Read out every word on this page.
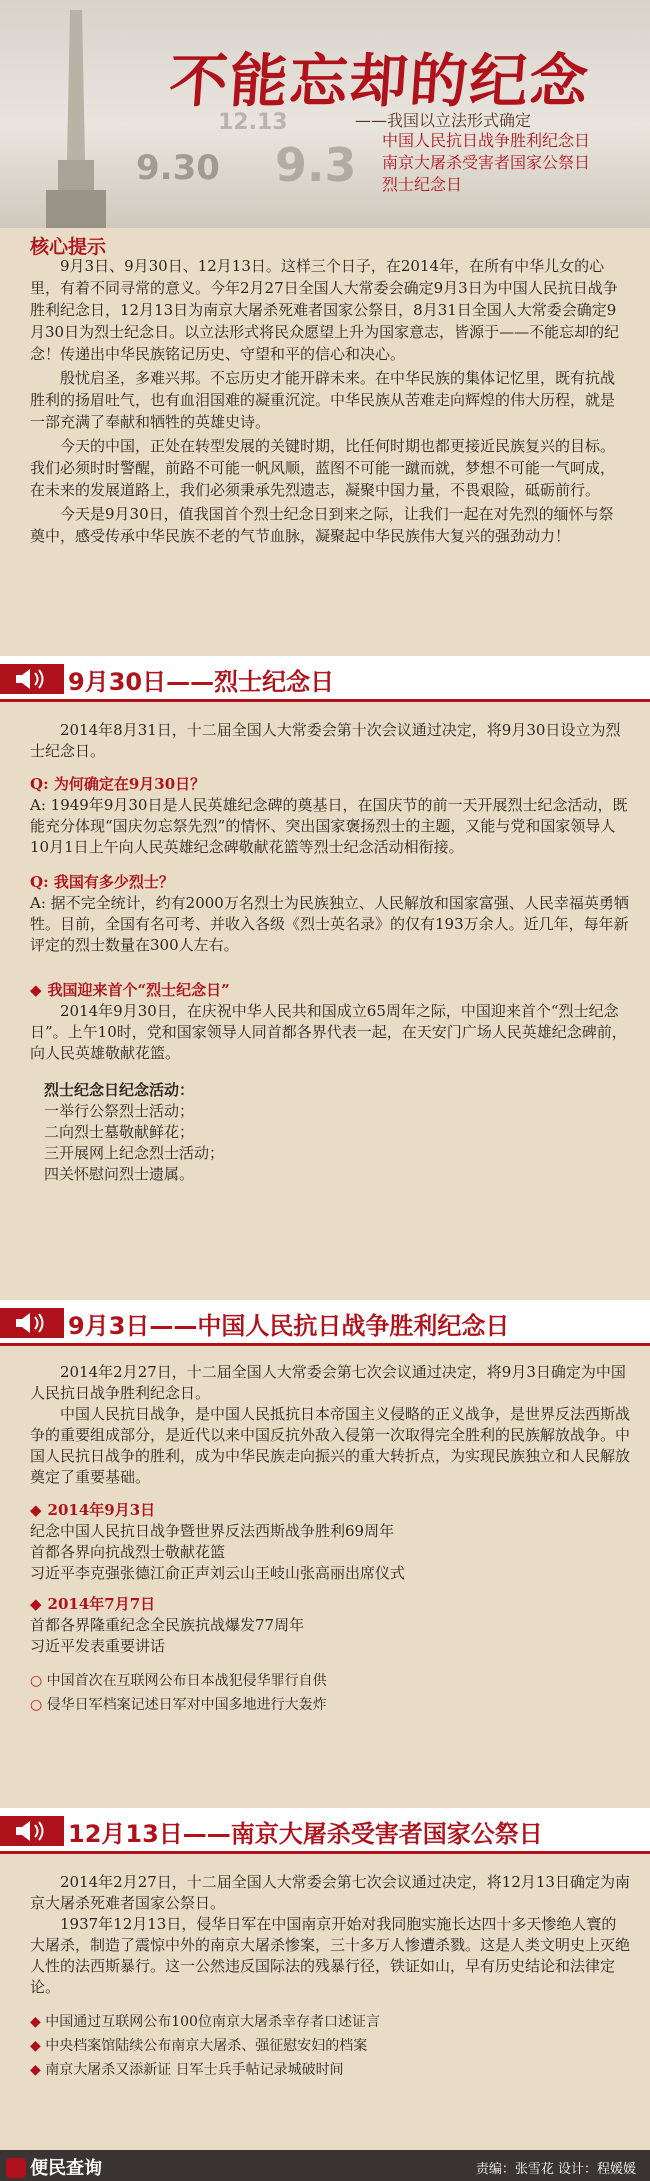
12.13
9.30 9.3
不能忘却的纪念
——我国以立法形式确定
中国人民抗日战争胜利纪念日
南京大屠杀受害者国家公祭日
烈士纪念日
核心提示

9月3日、9月30日、12月13日。这样三个日子，在2014年，在所有中华儿女的心里，有着不同寻常的意义。今年2月27日全国人大常委会确定9月3日为中国人民抗日战争胜利纪念日，12月13日为南京大屠杀死难者国家公祭日，8月31日全国人大常委会确定9月30日为烈士纪念日。以立法形式将民众愿望上升为国家意志，皆源于——不能忘却的纪念！传递出中华民族铭记历史、守望和平的信心和决心。

殷忧启圣，多难兴邦。不忘历史才能开辟未来。在中华民族的集体记忆里，既有抗战胜利的扬眉吐气，也有血泪国难的凝重沉淀。中华民族从苦难走向辉煌的伟大历程，就是一部充满了奉献和牺牲的英雄史诗。

今天的中国，正处在转型发展的关键时期，比任何时期也都更接近民族复兴的目标。我们必须时时警醒，前路不可能一帆风顺，蓝图不可能一蹴而就，梦想不可能一气呵成，在未来的发展道路上，我们必须秉承先烈遗志，凝聚中国力量，不畏艰险，砥砺前行。

今天是9月30日，值我国首个烈士纪念日到来之际，让我们一起在对先烈的缅怀与祭奠中，感受传承中华民族不老的气节血脉，凝聚起中华民族伟大复兴的强劲动力！

9月30日——烈士纪念日

2014年8月31日，十二届全国人大常委会第十次会议通过决定，将9月30日设立为烈士纪念日。

Q: 为何确定在9月30日？

A: 1949年9月30日是人民英雄纪念碑的奠基日，在国庆节的前一天开展烈士纪念活动，既能充分体现“国庆勿忘祭先烈”的情怀、突出国家褒扬烈士的主题，又能与党和国家领导人10月1日上午向人民英雄纪念碑敬献花篮等烈士纪念活动相衔接。

Q: 我国有多少烈士？

A: 据不完全统计，约有2000万名烈士为民族独立、人民解放和国家富强、人民幸福英勇牺牲。目前，全国有名可考、并收入各级《烈士英名录》的仅有193万余人。近几年，每年新评定的烈士数量在300人左右。

◆ 我国迎来首个“烈士纪念日”

2014年9月30日，在庆祝中华人民共和国成立65周年之际，中国迎来首个“烈士纪念日”。上午10时，党和国家领导人同首都各界代表一起，在天安门广场人民英雄纪念碑前，向人民英雄敬献花篮。

烈士纪念日纪念活动：

一举行公祭烈士活动；

二向烈士墓敬献鲜花；

三开展网上纪念烈士活动；

四关怀慰问烈士遗属。

9月3日——中国人民抗日战争胜利纪念日

2014年2月27日，十二届全国人大常委会第七次会议通过决定，将9月3日确定为中国人民抗日战争胜利纪念日。

中国人民抗日战争，是中国人民抵抗日本帝国主义侵略的正义战争，是世界反法西斯战争的重要组成部分，是近代以来中国反抗外敌入侵第一次取得完全胜利的民族解放战争。中国人民抗日战争的胜利，成为中华民族走向振兴的重大转折点，为实现民族独立和人民解放奠定了重要基础。

◆ 2014年9月3日

纪念中国人民抗日战争暨世界反法西斯战争胜利69周年

首都各界向抗战烈士敬献花篮

习近平李克强张德江俞正声刘云山王岐山张高丽出席仪式

◆ 2014年7月7日

首都各界隆重纪念全民族抗战爆发77周年

习近平发表重要讲话

○ 中国首次在互联网公布日本战犯侵华罪行自供

○ 侵华日军档案记述日军对中国多地进行大轰炸

12月13日——南京大屠杀受害者国家公祭日

2014年2月27日，十二届全国人大常委会第七次会议通过决定，将12月13日确定为南京大屠杀死难者国家公祭日。

1937年12月13日，侵华日军在中国南京开始对我同胞实施长达四十多天惨绝人寰的大屠杀，制造了震惊中外的南京大屠杀惨案，三十多万人惨遭杀戮。这是人类文明史上灭绝人性的法西斯暴行。这一公然违反国际法的残暴行径，铁证如山，早有历史结论和法律定论。

◆ 中国通过互联网公布100位南京大屠杀幸存者口述证言

◆ 中央档案馆陆续公布南京大屠杀、强征慰安妇的档案

◆ 南京大屠杀又添新证 日军士兵手帖记录城破时间

便民查询	责编：张雪花 设计：程媛媛
